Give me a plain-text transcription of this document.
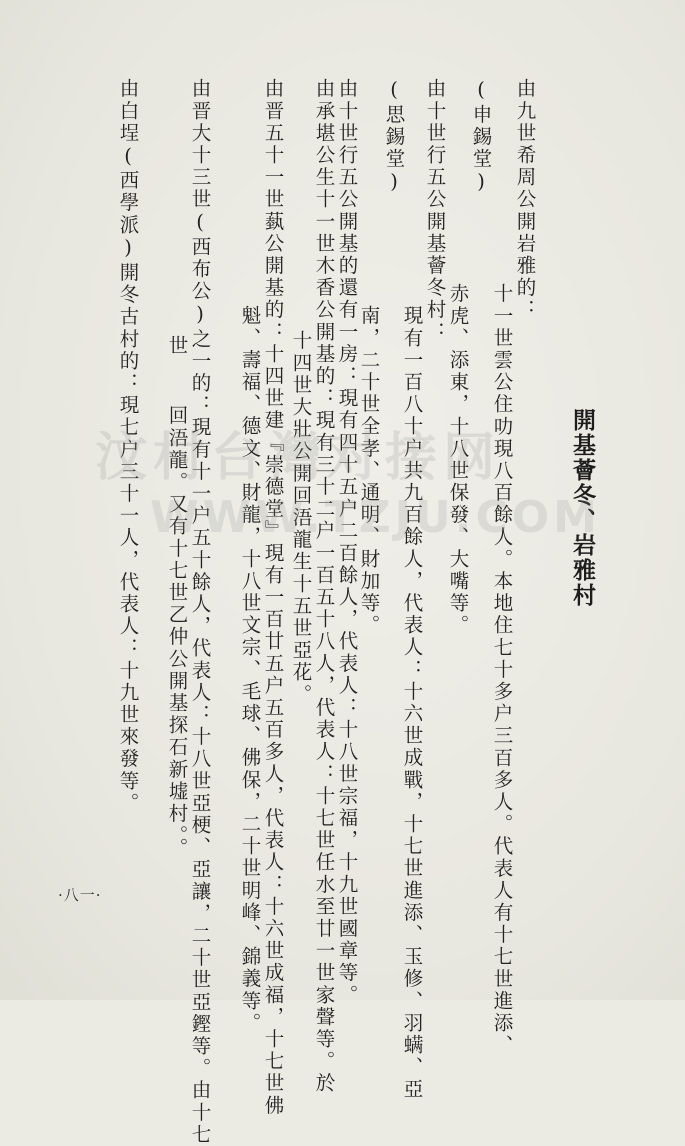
開基薈冬、岩雅村
由九世希周公開岩雅的：
十一世雲公住叻現八百餘人。本地住七十多户三百多人。代表人有十七世進添、
(申錫堂)
赤虎、添東，十八世保發、大嘴等。
由十世行五公開基薈冬村：
現有一百八十户共九百餘人，代表人：十六世成戰，十七世進添、玉修、羽螨、亞
(思錫堂)
南，二十世全孝、通明、財加等。
由十世行五公開基的還有一房：現有四十五户二百餘人，代表人：十八世宗福，十九世國章等。
由承堪公生十一世木香公開基的：現有三十二户一百五十八人，代表人：十七世任水至廿一世家聲等。於
十四世大壯公開回浯龍生十五世亞花。
由晋五十一世蓺公開基的：十四世建『崇德堂』現有一百廿五户五百多人，代表人：十六世成福，十七世佛
魁、壽福、德文、財龍，十八世文宗、毛球、佛保，二十世明峰、錦義等。
由晋大十三世(西布公)之一的：現有十一户五十餘人，代表人：十八世亞梗、亞讓，二十世亞鏗等。由十七
世
回浯龍。又有十七世乙仲公開基探石新墟村。。
由白埕(西學派)開冬古村的：現七户三十一人，代表人：十九世來發等。
·八一·
汶村台灣对接网
WWW.TZJU.COM
